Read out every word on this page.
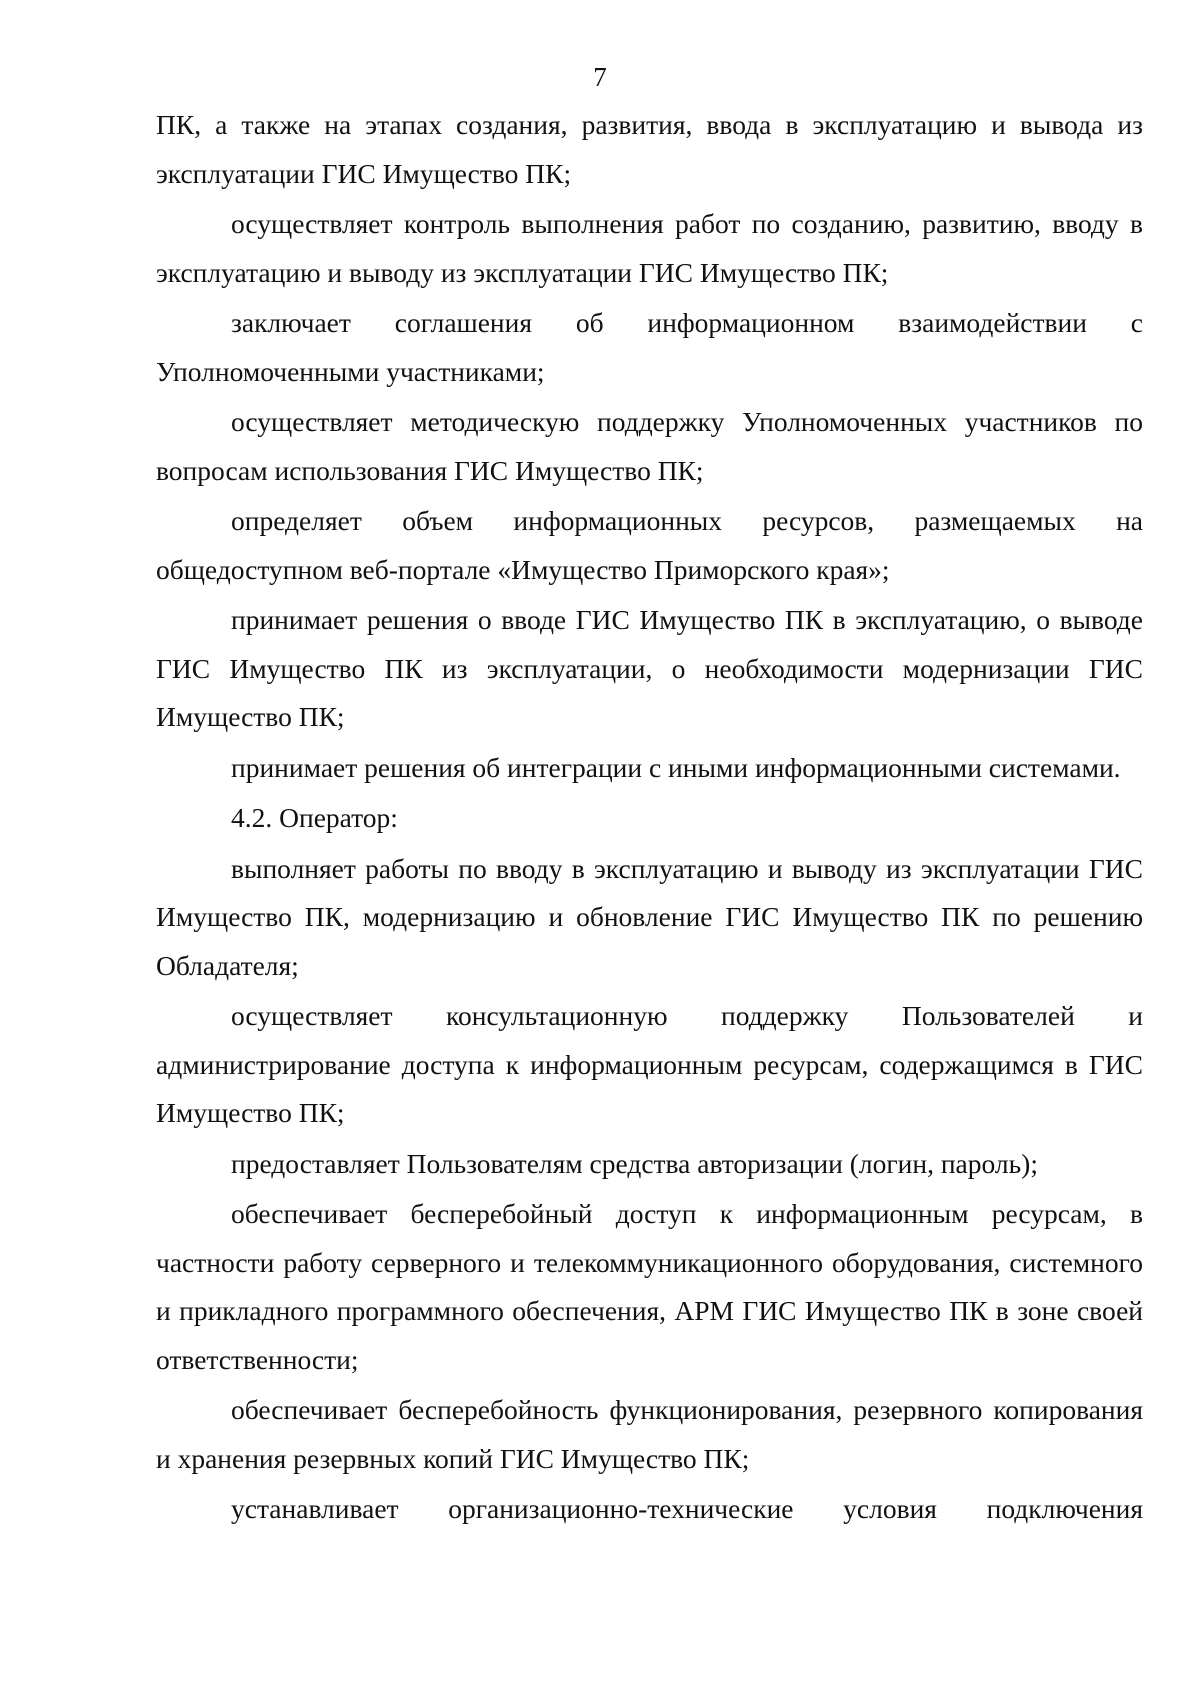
7

ПК, а также на этапах создания, развития, ввода в эксплуатацию и вывода из эксплуатации ГИС Имущество ПК;

осуществляет контроль выполнения работ по созданию, развитию, вводу в эксплуатацию и выводу из эксплуатации ГИС Имущество ПК;

заключает соглашения об информационном взаимодействии с Уполномоченными участниками;

осуществляет методическую поддержку Уполномоченных участников по вопросам использования ГИС Имущество ПК;

определяет объем информационных ресурсов, размещаемых на общедоступном веб-портале «Имущество Приморского края»;

принимает решения о вводе ГИС Имущество ПК в эксплуатацию, о выводе ГИС Имущество ПК из эксплуатации, о необходимости модернизации ГИС Имущество ПК;

принимает решения об интеграции с иными информационными системами.

4.2. Оператор:

выполняет работы по вводу в эксплуатацию и выводу из эксплуатации ГИС Имущество ПК, модернизацию и обновление ГИС Имущество ПК по решению Обладателя;

осуществляет консультационную поддержку Пользователей и администрирование доступа к информационным ресурсам, содержащимся в ГИС Имущество ПК;

предоставляет Пользователям средства авторизации (логин, пароль);

обеспечивает бесперебойный доступ к информационным ресурсам, в частности работу серверного и телекоммуникационного оборудования, системного и прикладного программного обеспечения, АРМ ГИС Имущество ПК в зоне своей ответственности;

обеспечивает бесперебойность функционирования, резервного копирования и хранения резервных копий ГИС Имущество ПК;

устанавливает организационно-технические условия подключения
